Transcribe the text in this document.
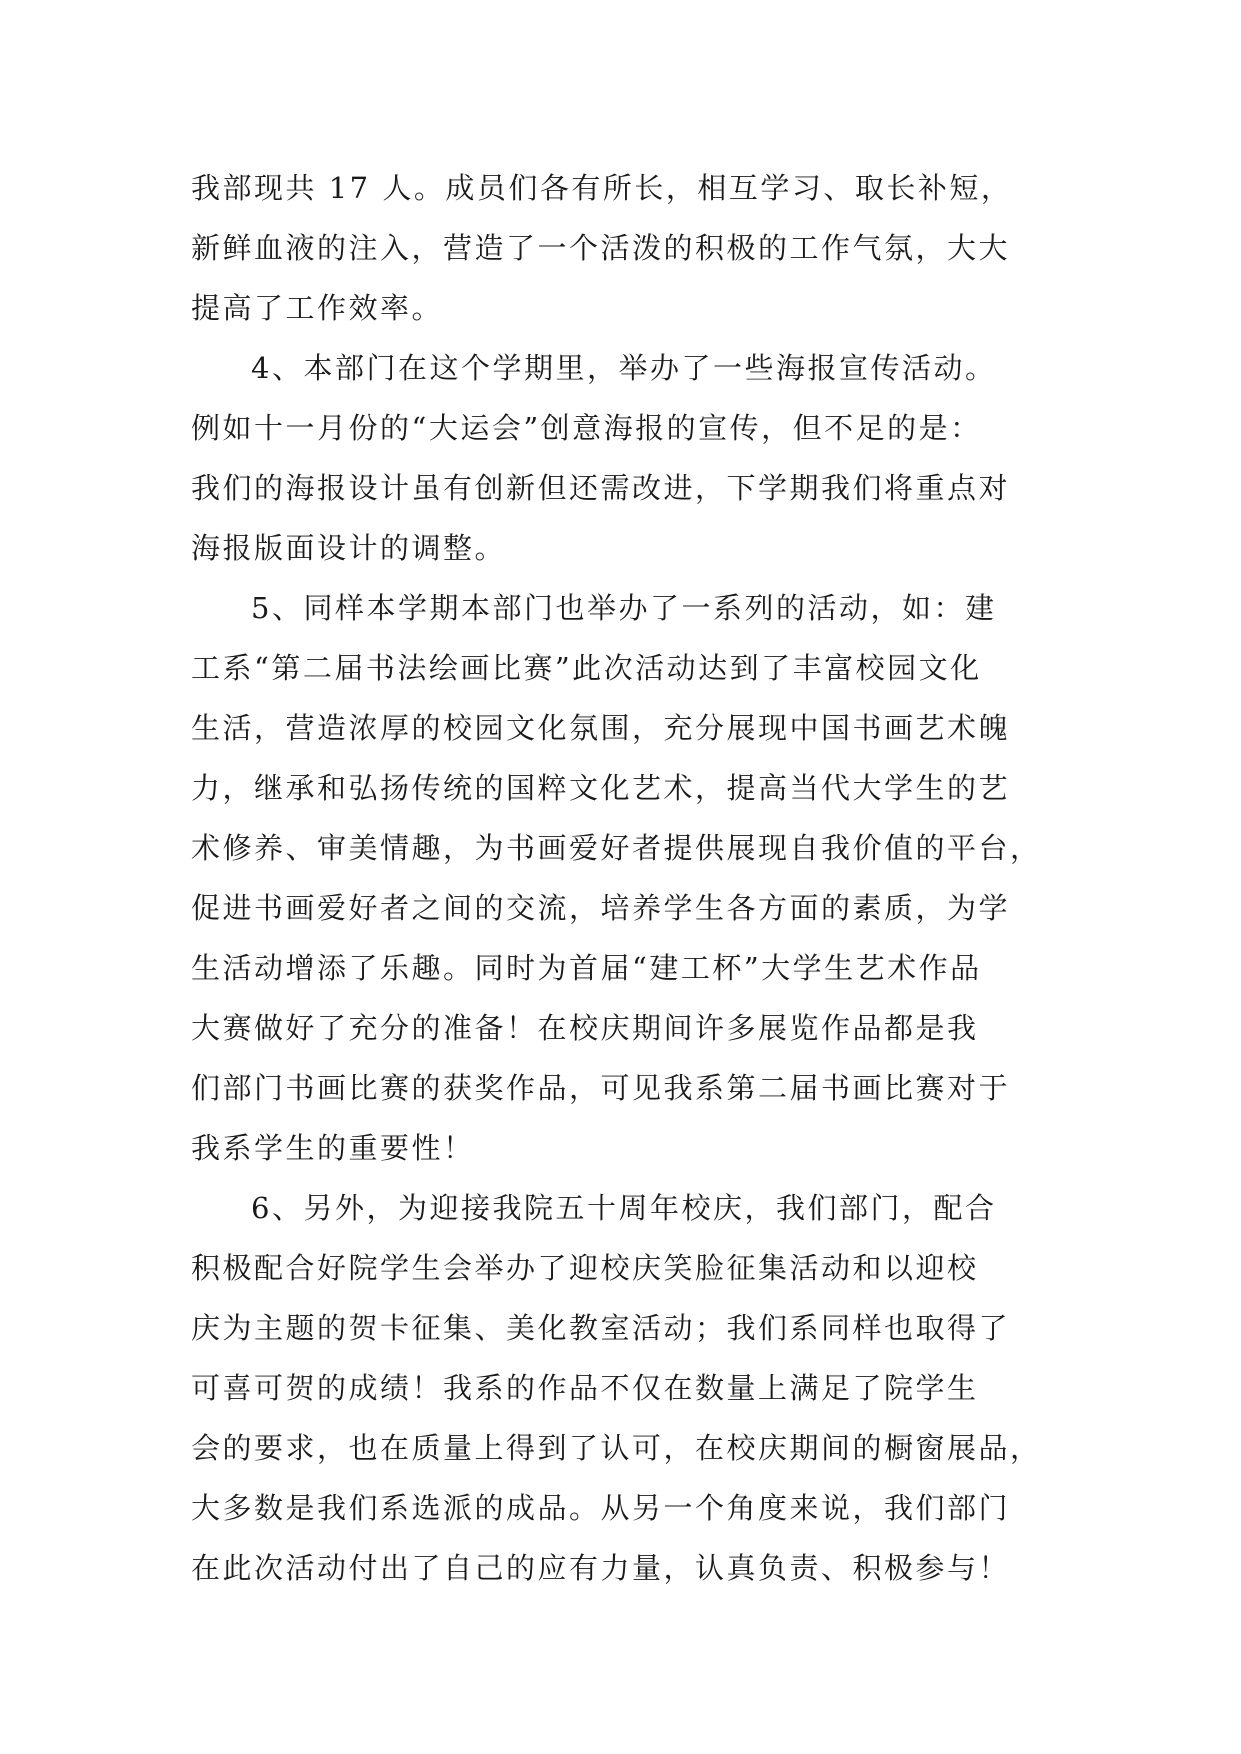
我部现共 17 人。成员们各有所长，相互学习、取长补短，
新鲜血液的注入，营造了一个活泼的积极的工作气氛，大大
提高了工作效率。
4、本部门在这个学期里，举办了一些海报宣传活动。
例如十一月份的“大运会”创意海报的宣传，但不足的是：
我们的海报设计虽有创新但还需改进，下学期我们将重点对
海报版面设计的调整。
5、同样本学期本部门也举办了一系列的活动，如：建
工系“第二届书法绘画比赛”此次活动达到了丰富校园文化
生活，营造浓厚的校园文化氛围，充分展现中国书画艺术魄
力，继承和弘扬传统的国粹文化艺术，提高当代大学生的艺
术修养、审美情趣，为书画爱好者提供展现自我价值的平台，
促进书画爱好者之间的交流，培养学生各方面的素质，为学
生活动增添了乐趣。同时为首届“建工杯”大学生艺术作品
大赛做好了充分的准备！在校庆期间许多展览作品都是我
们部门书画比赛的获奖作品，可见我系第二届书画比赛对于
我系学生的重要性！
6、另外，为迎接我院五十周年校庆，我们部门，配合
积极配合好院学生会举办了迎校庆笑脸征集活动和以迎校
庆为主题的贺卡征集、美化教室活动；我们系同样也取得了
可喜可贺的成绩！我系的作品不仅在数量上满足了院学生
会的要求，也在质量上得到了认可，在校庆期间的橱窗展品，
大多数是我们系选派的成品。从另一个角度来说，我们部门
在此次活动付出了自己的应有力量，认真负责、积极参与！
